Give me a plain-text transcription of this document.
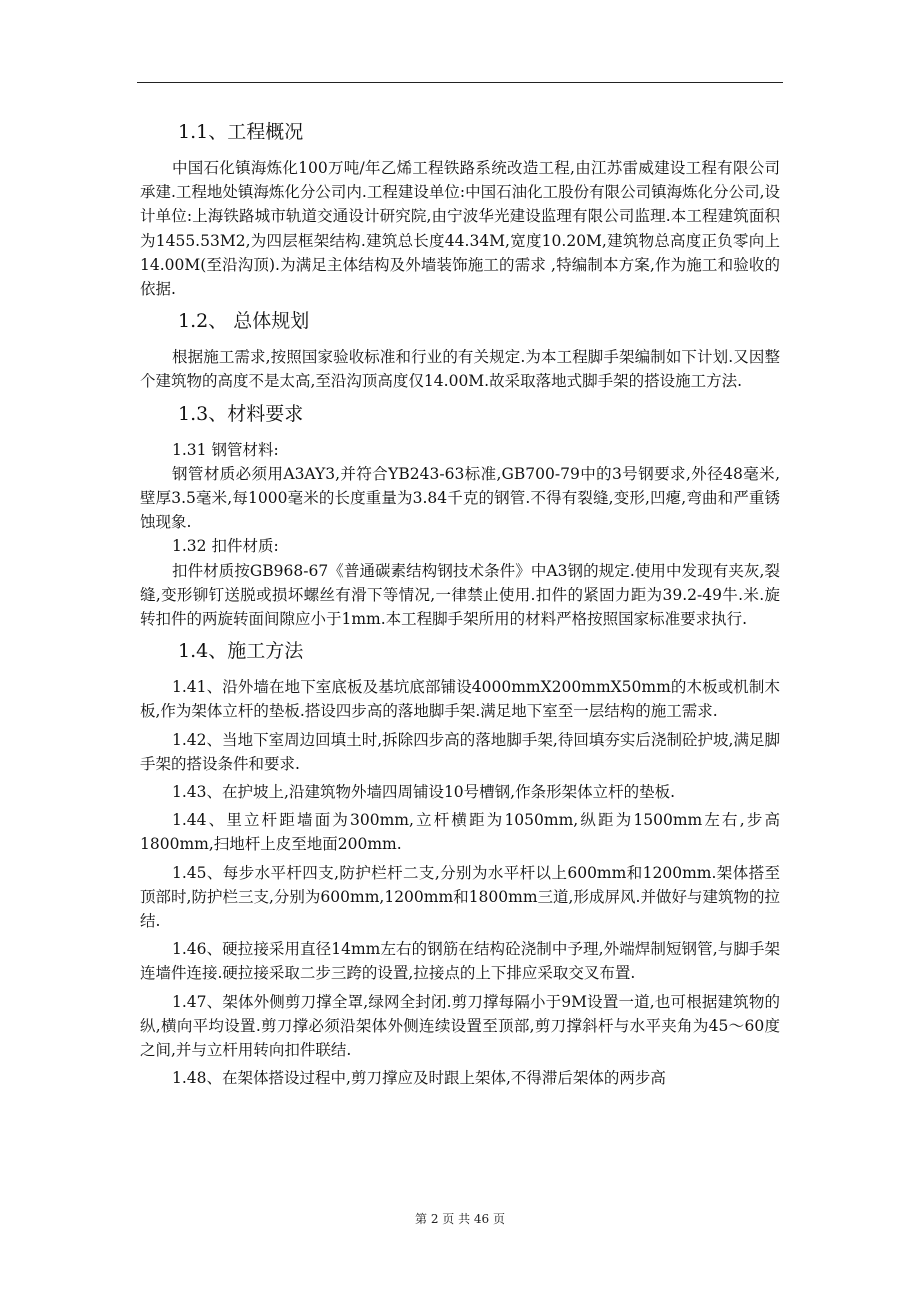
1.1、工程概况

中国石化镇海炼化100万吨/年乙烯工程铁路系统改造工程,由江苏雷威建设工程有限公司承建.工程地处镇海炼化分公司内.工程建设单位:中国石油化工股份有限公司镇海炼化分公司,设计单位:上海铁路城市轨道交通设计研究院,由宁波华光建设监理有限公司监理.本工程建筑面积为1455.53M2,为四层框架结构.建筑总长度44.34M,宽度10.20M,建筑物总高度正负零向上14.00M(至沿沟顶).为满足主体结构及外墙装饰施工的需求 ,特编制本方案,作为施工和验收的依据.

1.2、 总体规划

根据施工需求,按照国家验收标准和行业的有关规定.为本工程脚手架编制如下计划.又因整个建筑物的高度不是太高,至沿沟顶高度仅14.00M.故采取落地式脚手架的搭设施工方法.

1.3、材料要求

1.31 钢管材料:

钢管材质必须用A3AY3,并符合YB243-63标准,GB700-79中的3号钢要求,外径48毫米,壁厚3.5毫米,每1000毫米的长度重量为3.84千克的钢管.不得有裂缝,变形,凹瘪,弯曲和严重锈蚀现象.

1.32 扣件材质:

扣件材质按GB968-67《普通碳素结构钢技术条件》中A3钢的规定.使用中发现有夹灰,裂缝,变形铆钉送脱或损坏螺丝有滑下等情况,一律禁止使用.扣件的紧固力距为39.2-49牛.米.旋转扣件的两旋转面间隙应小于1mm.本工程脚手架所用的材料严格按照国家标准要求执行.

1.4、施工方法

1.41、沿外墙在地下室底板及基坑底部铺设4000mmX200mmX50mm的木板或机制木板,作为架体立杆的垫板.搭设四步高的落地脚手架.满足地下室至一层结构的施工需求.

1.42、当地下室周边回填土时,拆除四步高的落地脚手架,待回填夯实后浇制砼护坡,满足脚手架的搭设条件和要求.

1.43、在护坡上,沿建筑物外墙四周铺设10号槽钢,作条形架体立杆的垫板.

1.44、里立杆距墙面为300mm,立杆横距为1050mm,纵距为1500mm左右,步高1800mm,扫地杆上皮至地面200mm.

1.45、每步水平杆四支,防护栏杆二支,分别为水平杆以上600mm和1200mm.架体搭至顶部时,防护栏三支,分别为600mm,1200mm和1800mm三道,形成屏风.并做好与建筑物的拉结.

1.46、硬拉接采用直径14mm左右的钢筋在结构砼浇制中予理,外端焊制短钢管,与脚手架连墙件连接.硬拉接采取二步三跨的设置,拉接点的上下排应采取交叉布置.

1.47、架体外侧剪刀撑全罩,绿网全封闭.剪刀撑每隔小于9M设置一道,也可根据建筑物的纵,横向平均设置.剪刀撑必须沿架体外侧连续设置至顶部,剪刀撑斜杆与水平夹角为45～60度之间,并与立杆用转向扣件联结.

1.48、在架体搭设过程中,剪刀撑应及时跟上架体,不得滞后架体的两步高

第 2 页 共 46 页
